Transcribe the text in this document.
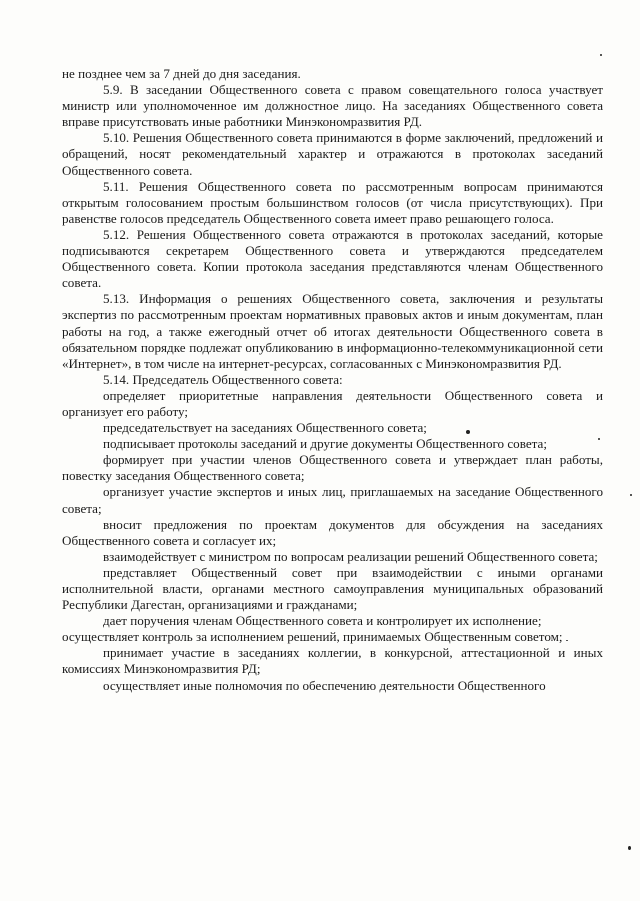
не позднее чем за 7 дней до дня заседания.

5.9. В заседании Общественного совета с правом совещательного голоса участвует министр или уполномоченное им должностное лицо. На заседаниях Общественного совета вправе присутствовать иные работники Минэкономразвития РД.

5.10. Решения Общественного совета принимаются в форме заключений, предложений и обращений, носят рекомендательный характер и отражаются в протоколах заседаний Общественного совета.

5.11. Решения Общественного совета по рассмотренным вопросам принимаются открытым голосованием простым большинством голосов (от числа присутствующих). При равенстве голосов председатель Общественного совета имеет право решающего голоса.

5.12. Решения Общественного совета отражаются в протоколах заседаний, которые подписываются секретарем Общественного совета и утверждаются председателем Общественного совета. Копии протокола заседания представляются членам Общественного совета.

5.13. Информация о решениях Общественного совета, заключения и результаты экспертиз по рассмотренным проектам нормативных правовых актов и иным документам, план работы на год, а также ежегодный отчет об итогах деятельности Общественного совета в обязательном порядке подлежат опубликованию в информационно-телекоммуникационной сети «Интернет», в том числе на интернет-ресурсах, согласованных с Минэкономразвития РД.

5.14. Председатель Общественного совета:

определяет приоритетные направления деятельности Общественного совета и организует его работу;

председательствует на заседаниях Общественного совета;

подписывает протоколы заседаний и другие документы Общественного совета;

формирует при участии членов Общественного совета и утверждает план работы, повестку заседания Общественного совета;

организует участие экспертов и иных лиц, приглашаемых на заседание Общественного совета;

вносит предложения по проектам документов для обсуждения на заседаниях Общественного совета и согласует их;

взаимодействует с министром по вопросам реализации решений Общественного совета;

представляет Общественный совет при взаимодействии с иными органами исполнительной власти, органами местного самоуправления муниципальных образований Республики Дагестан, организациями и гражданами;

дает поручения членам Общественного совета и контролирует их исполнение;

осуществляет контроль за исполнением решений, принимаемых Общественным советом;

принимает участие в заседаниях коллегии, в конкурсной, аттестационной и иных комиссиях Минэкономразвития РД;

осуществляет иные полномочия по обеспечению деятельности Общественного
